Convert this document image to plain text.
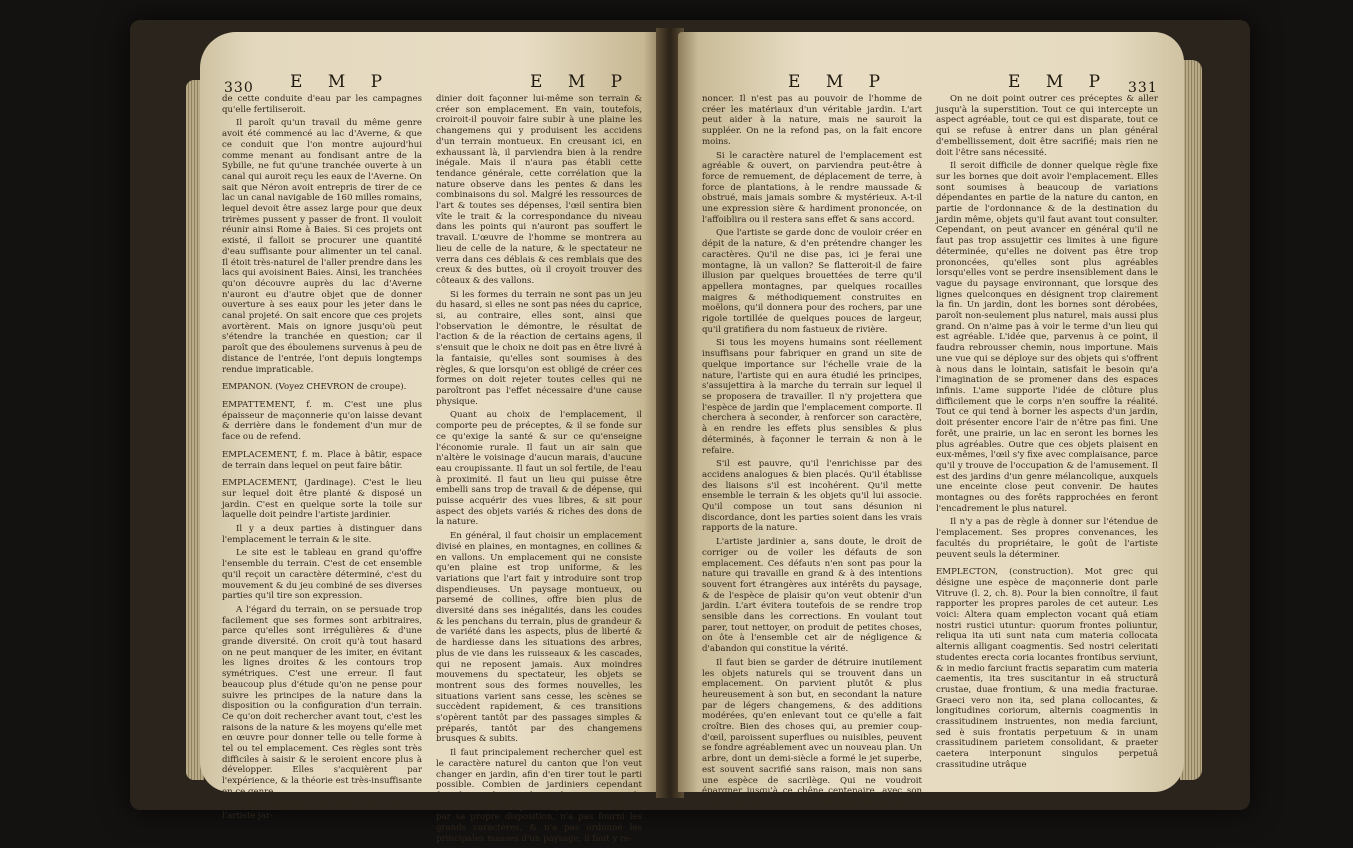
330 E M P	E M P

de cette conduite d'eau par les campagnes qu'elle fertiliseroit.

Il paroît qu'un travail du même genre avoit été commencé au lac d'Averne, & que ce conduit que l'on montre aujourd'hui comme menant au fondisant antre de la Sybille, ne fut qu'une tranchée ouverte à un canal qui auroit reçu les eaux de l'Averne. On sait que Néron avoit entrepris de tirer de ce lac un canal navigable de 160 milles romains, lequel devoit être assez large pour que deux trirèmes pussent y passer de front. Il vouloit réunir ainsi Rome à Baies. Si ces projets ont existé, il falloit se procurer une quantité d'eau suffisante pour alimenter un tel canal. Il étoit très-naturel de l'aller prendre dans les lacs qui avoisinent Baies. Ainsi, les tranchées qu'on découvre auprès du lac d'Averne n'auront eu d'autre objet que de donner ouverture à ses eaux pour les jeter dans le canal projeté. On sait encore que ces projets avortèrent. Mais on ignore jusqu'où peut s'étendre la tranchée en question; car il paroît que des éboulemens survenus à peu de distance de l'entrée, l'ont depuis longtemps rendue impraticable.

EMPANON. (Voyez CHEVRON de croupe).

EMPATTEMENT, f. m. C'est une plus épaisseur de maçonnerie qu'on laisse devant & derrière dans le fondement d'un mur de face ou de refend.

EMPLACEMENT, f. m. Place à bâtir, espace de terrain dans lequel on peut faire bâtir.

EMPLACEMENT, (Jardinage). C'est le lieu sur lequel doit être planté & disposé un jardin. C'est en quelque sorte la toile sur laquelle doit peindre l'artiste jardinier.

Il y a deux parties à distinguer dans l'emplacement le terrain & le site.

Le site est le tableau en grand qu'offre l'ensemble du terrain. C'est de cet ensemble qu'il reçoit un caractère déterminé, c'est du mouvement & du jeu combiné de ses diverses parties qu'il tire son expression.

A l'égard du terrain, on se persuade trop facilement que ses formes sont arbitraires, parce qu'elles sont irrégulières & d'une grande diversité. On croit qu'à tout hasard on ne peut manquer de les imiter, en évitant les lignes droites & les contours trop symétriques. C'est une erreur. Il faut beaucoup plus d'étude qu'on ne pense pour suivre les principes de la nature dans la disposition ou la configuration d'un terrain. Ce qu'on doit rechercher avant tout, c'est les raisons de la nature & les moyens qu'elle met en œuvre pour donner telle ou telle forme à tel ou tel emplacement. Ces règles sont très difficiles à saisir & le seroient encore plus à développer. Elles s'acquièrent par l'expérience, & la théorie est très-insuffisante en ce genre.

Ceci s'applique sur-tout aux cas où l'artiste jar-

dinier doit façonner lui-même son terrain & créer son emplacement. En vain, toutefois, croiroit-il pouvoir faire subir à une plaine les changemens qui y produisent les accidens d'un terrain montueux. En creusant ici, en exhaussant là, il parviendra bien à la rendre inégale. Mais il n'aura pas établi cette tendance générale, cette corrélation que la nature observe dans les pentes & dans les combinaisons du sol. Malgré les ressources de l'art & toutes ses dépenses, l'œil sentira bien vîte le trait & la correspondance du niveau dans les points qui n'auront pas souffert le travail. L'œuvre de l'homme se montrera au lieu de celle de la nature, & le spectateur ne verra dans ces déblais & ces remblais que des creux & des buttes, où il croyoit trouver des côteaux & des vallons.

Si les formes du terrain ne sont pas un jeu du hasard, si elles ne sont pas nées du caprice, si, au contraire, elles sont, ainsi que l'observation le démontre, le résultat de l'action & de la réaction de certains agens, il s'ensuit que le choix ne doit pas en être livré à la fantaisie, qu'elles sont soumises à des règles, & que lorsqu'on est obligé de créer ces formes on doit rejeter toutes celles qui ne paroîtront pas l'effet nécessaire d'une cause physique.

Quant au choix de l'emplacement, il comporte peu de préceptes, & il se fonde sur ce qu'exige la santé & sur ce qu'enseigne l'économie rurale. Il faut un air sain que n'altère le voisinage d'aucun marais, d'aucune eau croupissante. Il faut un sol fertile, de l'eau à proximité. Il faut un lieu qui puisse être embelli sans trop de travail & de dépense, qui puisse acquérir des vues libres, & sit pour aspect des objets variés & riches des dons de la nature.

En général, il faut choisir un emplacement divisé en plaines, en montagnes, en collines & en vallons. Un emplacement qui ne consiste qu'en plaine est trop uniforme, & les variations que l'art fait y introduire sont trop dispendieuses. Un paysage montueux, ou parsemé de collines, offre bien plus de diversité dans ses inégalités, dans les coudes & les penchans du terrain, plus de grandeur & de variété dans les aspects, plus de liberté & de hardiesse dans les situations des arbres, plus de vie dans les ruisseaux & les cascades, qui ne reposent jamais. Aux moindres mouvemens du spectateur, les objets se montrent sous des formes nouvelles, les situations varient sans cesse, les scènes se succèdent rapidement, & ces transitions s'opèrent tantôt par des passages simples & préparés, tantôt par des changemens brusques & subits.

Il faut principalement rechercher quel est le caractère naturel du canton que l'on veut changer en jardin, afin d'en tirer tout le parti possible. Combien de jardiniers cependant font leurs plans & leurs desseins avant de savoir où doit être placé le jardin. Si la nature, par sa propre disposition, n'a pas fourni les grands caractères, & n'a pas ordonné les principales masses d'un paysage, il faut y re-

E M P	E M P 331

noncer. Il n'est pas au pouvoir de l'homme de créer les matériaux d'un véritable jardin. L'art peut aider à la nature, mais ne sauroit la suppléer. On ne la refond pas, on la fait encore moins.

Si le caractère naturel de l'emplacement est agréable & ouvert, on parviendra peut-être à force de remuement, de déplacement de terre, à force de plantations, à le rendre maussade & obstrué, mais jamais sombre & mystérieux. A-t-il une expression sière & hardiment prononcée, on l'affoiblira ou il restera sans effet & sans accord.

Que l'artiste se garde donc de vouloir créer en dépit de la nature, & d'en prétendre changer les caractères. Qu'il ne dise pas, ici je ferai une montagne, là un vallon? Se flatteroit-il de faire illusion par quelques brouettées de terre qu'il appellera montagnes, par quelques rocailles maigres & méthodiquement construites en moëlons, qu'il donnera pour des rochers, par une rigole tortillée de quelques pouces de largeur, qu'il gratifiera du nom fastueux de rivière.

Si tous les moyens humains sont réellement insuffisans pour fabriquer en grand un site de quelque importance sur l'échelle vraie de la nature, l'artiste qui en aura étudié les principes, s'assujettira à la marche du terrain sur lequel il se proposera de travailler. Il n'y projettera que l'espèce de jardin que l'emplacement comporte. Il cherchera à seconder, à renforcer son caractère, à en rendre les effets plus sensibles & plus déterminés, à façonner le terrain & non à le refaire.

S'il est pauvre, qu'il l'enrichisse par des accidens analogues & bien placés. Qu'il établisse des liaisons s'il est incohérent. Qu'il mette ensemble le terrain & les objets qu'il lui associe. Qu'il compose un tout sans désunion ni discordance, dont les parties soient dans les vrais rapports de la nature.

L'artiste jardinier a, sans doute, le droit de corriger ou de voiler les défauts de son emplacement. Ces défauts n'en sont pas pour la nature qui travaille en grand & à des intentions souvent fort étrangères aux intérêts du paysage, & de l'espèce de plaisir qu'on veut obtenir d'un jardin. L'art évitera toutefois de se rendre trop sensible dans les corrections. En voulant tout parer, tout nettoyer, on produit de petites choses, on ôte à l'ensemble cet air de négligence & d'abandon qui constitue la vérité.

Il faut bien se garder de détruire inutilement les objets naturels qui se trouvent dans un emplacement. On parvient plutôt & plus heureusement à son but, en secondant la nature par de légers changemens, & des additions modérées, qu'en enlevant tout ce qu'elle a fait croître. Bien des choses qui, au premier coup-d'œil, paroissent superflues ou nuisibles, peuvent se fondre agréablement avec un nouveau plan. Un arbre, dont un demi-siècle a formé le jet superbe, est souvent sacrifié sans raison, mais non sans une espèce de sacrilège. Qui ne voudroit épargner jusqu'à ce chêne centenaire, avec son tronc vigoureux & ses bras en partie desséchés?

On ne doit point outrer ces préceptes & aller jusqu'à la superstition. Tout ce qui intercepte un aspect agréable, tout ce qui est disparate, tout ce qui se refuse à entrer dans un plan général d'embellissement, doit être sacrifié; mais rien ne doit l'être sans nécessité.

Il seroit difficile de donner quelque règle fixe sur les bornes que doit avoir l'emplacement. Elles sont soumises à beaucoup de variations dépendantes en partie de la nature du canton, en partie de l'ordonnance & de la destination du jardin même, objets qu'il faut avant tout consulter. Cependant, on peut avancer en général qu'il ne faut pas trop assujettir ces limites à une figure déterminée, qu'elles ne doivent pas être trop prononcées, qu'elles sont plus agréables lorsqu'elles vont se perdre insensiblement dans le vague du paysage environnant, que lorsque des lignes quelconques en désignent trop clairement la fin. Un jardin, dont les bornes sont dérobées, paroît non-seulement plus naturel, mais aussi plus grand. On n'aime pas à voir le terme d'un lieu qui est agréable. L'idée que, parvenus à ce point, il faudra rebrousser chemin, nous importune. Mais une vue qui se déploye sur des objets qui s'offrent à nous dans le lointain, satisfait le besoin qu'a l'imagination de se promener dans des espaces infinis. L'ame supporte l'idée de clôture plus difficilement que le corps n'en souffre la réalité. Tout ce qui tend à borner les aspects d'un jardin, doit présenter encore l'air de n'être pas fini. Une forêt, une prairie, un lac en seront les bornes les plus agréables. Outre que ces objets plaisent en eux-mêmes, l'œil s'y fixe avec complaisance, parce qu'il y trouve de l'occupation & de l'amusement. Il est des jardins d'un genre mélancolique, auxquels une enceinte close peut convenir. De hautes montagnes ou des forêts rapprochées en feront l'encadrement le plus naturel.

Il n'y a pas de règle à donner sur l'étendue de l'emplacement. Ses propres convenances, les facultés du propriétaire, le goût de l'artiste peuvent seuls la déterminer.

EMPLECTON, (construction). Mot grec qui désigne une espèce de maçonnerie dont parle Vitruve (l. 2, ch. 8). Pour la bien connoître, il faut rapporter les propres paroles de cet auteur. Les voici: Altera quam emplecton vocant quâ etiam nostri rustici utuntur: quorum frontes poliuntur, reliqua ita uti sunt nata cum materia collocata alternis alligant coagmentis. Sed nostri celeritati studentes erecta coria locantes frontibus serviunt, & in medio farciunt fractis separatim cum materia caementis, ita tres suscitantur in eâ structurâ crustae, duae frontium, & una media fracturae. Graeci vero non ita, sed plana collocantes, & longitudines coriorum, alternis coagmentis in crassitudinem instruentes, non media farciunt, sed è suis frontatis perpetuum & in unam crassitudinem parietem consolidant, & praeter caetera interponunt singulos perpetuâ crassitudine utrâque
